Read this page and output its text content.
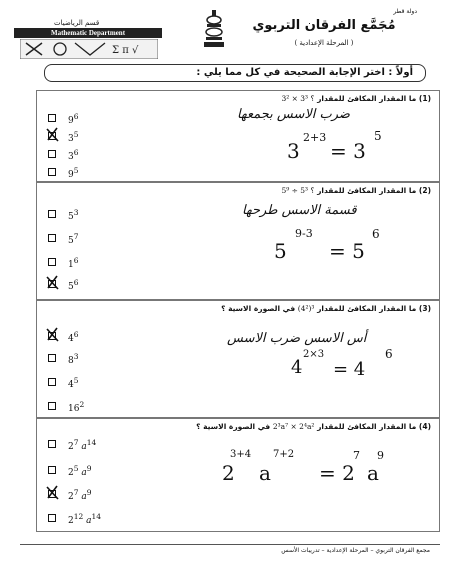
دولة قطر
مُجَمَّع الفرقان التربوي
( المرحلة الإعدادية )
قسم الرياضيات
Mathematic Department
Σ π √
أولاً : اختر الإجابة الصحيحة في كل مما يلي :
(1) ما المقدار المكافئ للمقدار 3² × 3³ ؟
$9^6$
$3^5$
$3^6$
$9^5$
ضرب الاسس بجمعها
2+3	5
3 = 3
(2) ما المقدار المكافئ للمقدار 5⁹ ÷ 5³ ؟
$5^3$
$5^7$
$1^6$
$5^6$
قسمة الاسس طرحها
9-3	6
5 = 5
(3) ما المقدار المكافئ للمقدار (4²)³ في الصورة الاسية ؟
$4^6$
$8^3$
$4^5$
$16^2$
أس الاسس ضرب الاسس
2×3	6
4 = 4
(4) ما المقدار المكافئ للمقدار 2³a⁷ × 2⁴a² في الصورة الاسية ؟
$2^7$ $a^{14}$
$2^5$ $a^9$
$2^7$ $a^9$
$2^{12}$ $a^{14}$
3+4 7+2	7 9
2 a = 2 a
مجمع الفرقان التربوي – المرحلة الإعدادية – تدريبات الأسس
